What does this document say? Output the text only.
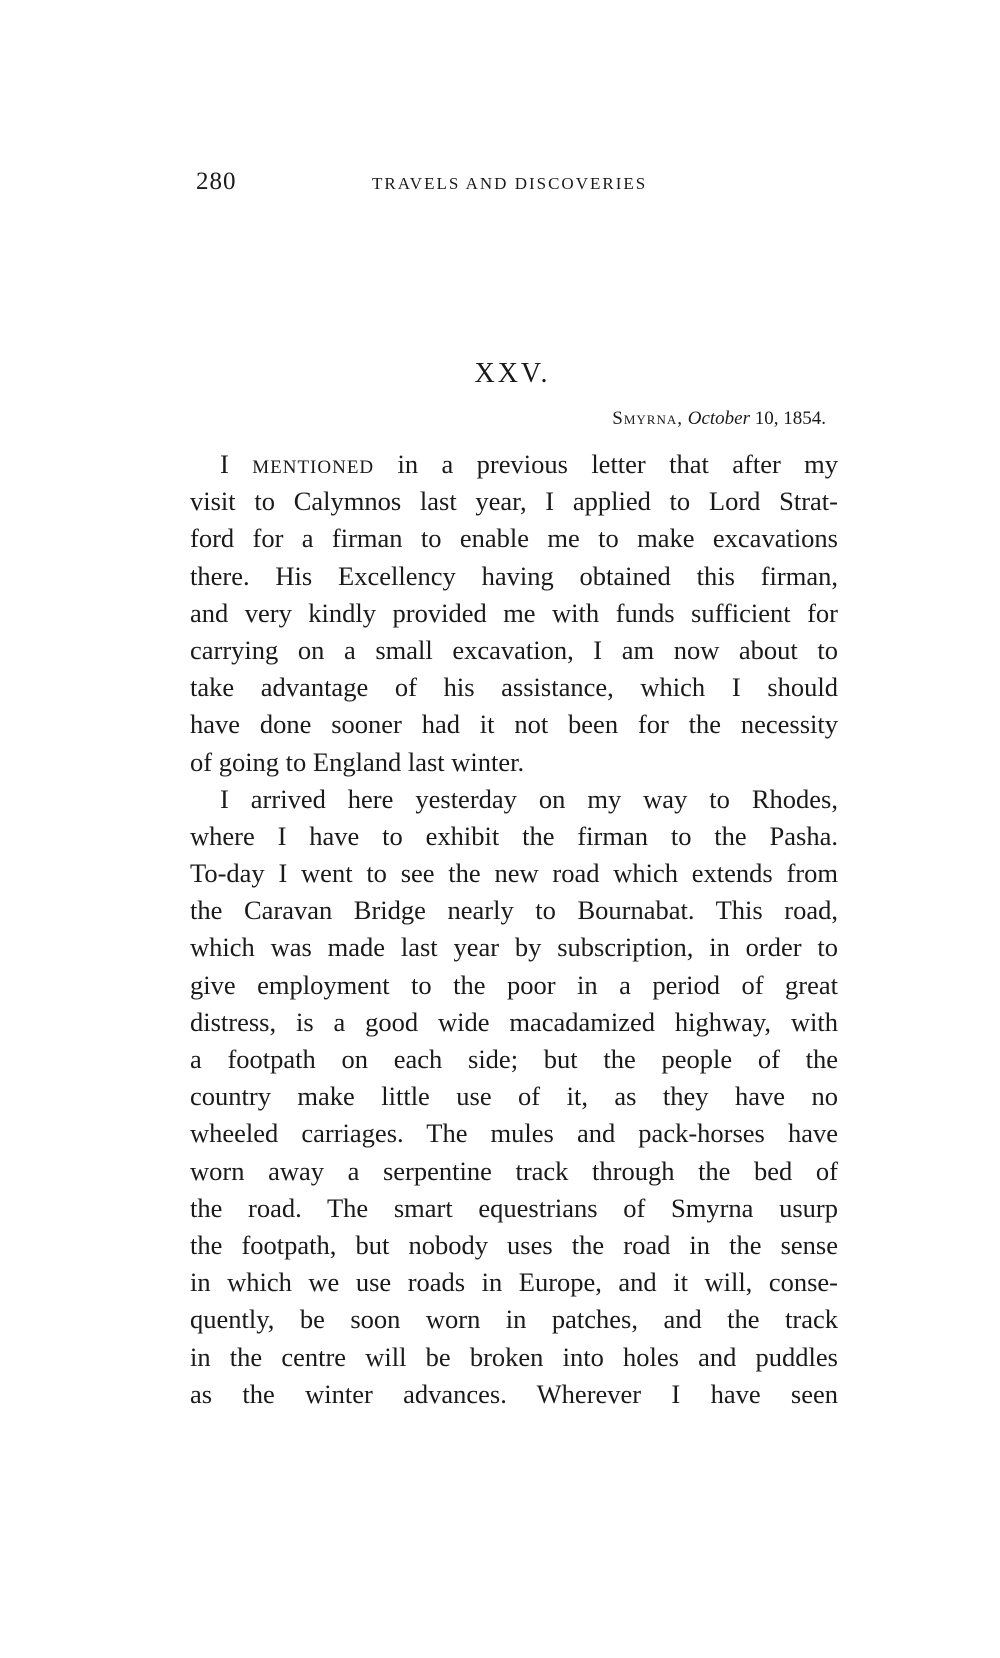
280	TRAVELS AND DISCOVERIES
XXV.
Smyrna, October 10, 1854.
I mentioned in a previous letter that after my
visit to Calymnos last year, I applied to Lord Strat-
ford for a firman to enable me to make excavations
there. His Excellency having obtained this firman,
and very kindly provided me with funds sufficient for
carrying on a small excavation, I am now about to
take advantage of his assistance, which I should
have done sooner had it not been for the necessity
of going to England last winter.
I arrived here yesterday on my way to Rhodes,
where I have to exhibit the firman to the Pasha.
To-day I went to see the new road which extends from
the Caravan Bridge nearly to Bournabat. This road,
which was made last year by subscription, in order to
give employment to the poor in a period of great
distress, is a good wide macadamized highway, with
a footpath on each side; but the people of the
country make little use of it, as they have no
wheeled carriages. The mules and pack-horses have
worn away a serpentine track through the bed of
the road. The smart equestrians of Smyrna usurp
the footpath, but nobody uses the road in the sense
in which we use roads in Europe, and it will, conse-
quently, be soon worn in patches, and the track
in the centre will be broken into holes and puddles
as the winter advances. Wherever I have seen
